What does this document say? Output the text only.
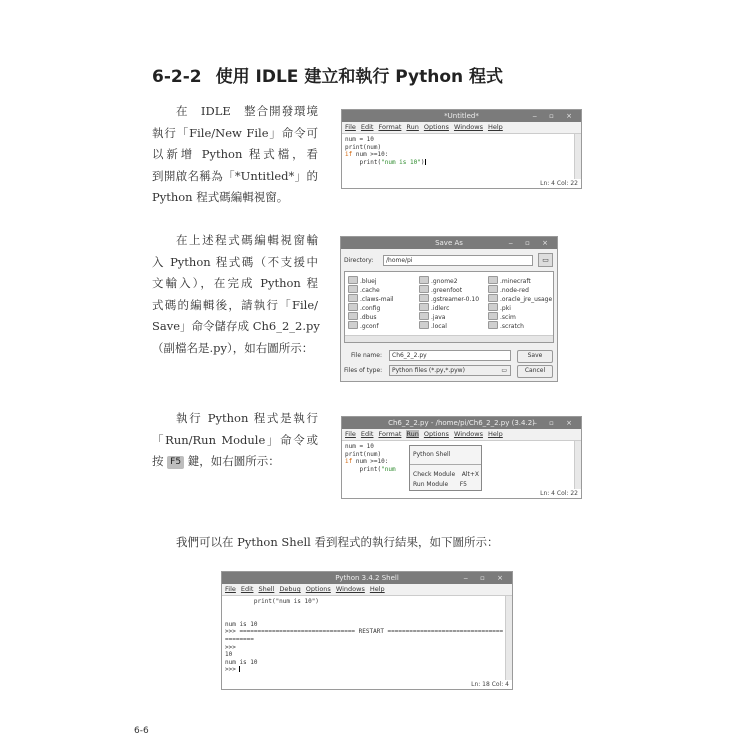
6-2-2 使用 IDLE 建立和執行 Python 程式
在　IDLE　整合開發環境
執行「File/New File」命令可
以新增 Python 程式檔，看
到開啟名稱為「*Untitled*」的
Python 程式碼編輯視窗。
*Untitled*	‒ ▫ ×
File Edit Format Run Options Windows Help
num = 10
print(num)
if num >=10:
print("num is 10")
Ln: 4 Col: 22
在上述程式碼編輯視窗輸
入 Python 程式碼（不支援中
文輸入），在完成 Python 程
式碼的編輯後，請執行「File/
Save」命令儲存成 Ch6_2_2.py
（副檔名是.py），如右圖所示：
Save As	‒ ▫ ×
Directory:	/home/pi	▭
.bluej
.cache
.claws-mail
.config
.dbus
.gconf
.gnome2
.greenfoot
.gstreamer-0.10
.idlerc
.java
.local
.minecraft
.node-red
.oracle_jre_usage
.pki
.scim
.scratch
File name:	Ch6_2_2.py	Save
Files of type:	Python files (*.py,*.pyw)	▭	Cancel
執行 Python 程式是執行
「Run/Run Module」命令或
按 F5 鍵，如右圖所示：
Ch6_2_2.py - /home/pi/Ch6_2_2.py (3.4.2)
‒ ▫ ×
File Edit Format Run Options Windows Help
num = 10
print(num)
if num >=10:
print("num
Python Shell
Check Module Alt+X
Run Module F5
Ln: 4 Col: 22
我們可以在 Python Shell 看到程式的執行結果，如下圖所示：
Python 3.4.2 Shell	‒ ▫ ×
File Edit Shell Debug Options Windows Help
print("num is 10")
num is 10
>>> ================================ RESTART ================================
========
>>>
10
num is 10
>>>
Ln: 18 Col: 4
6-6
